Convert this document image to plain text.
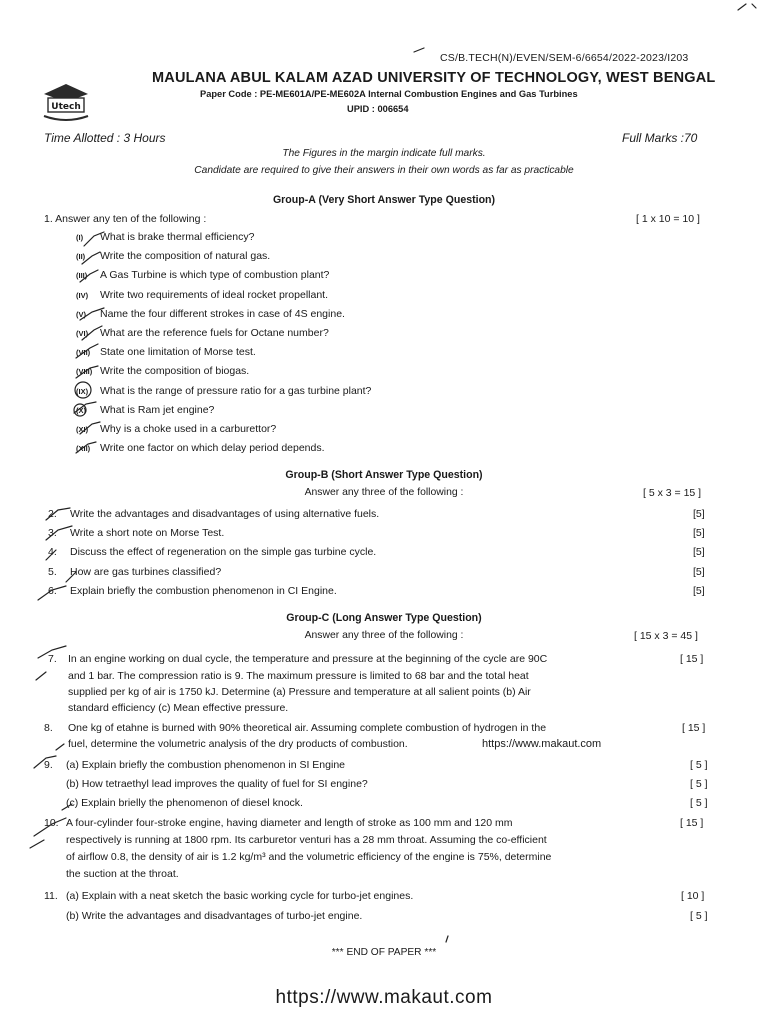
CS/B.TECH(N)/EVEN/SEM-6/6654/2022-2023/I203
Utech
MAULANA ABUL KALAM AZAD UNIVERSITY OF TECHNOLOGY, WEST BENGAL
Paper Code : PE-ME601A/PE-ME602A Internal Combustion Engines and Gas Turbines
UPID : 006654
Time Allotted : 3 Hours	Full Marks :70
The Figures in the margin indicate full marks.
Candidate are required to give their answers in their own words as far as practicable
Group-A (Very Short Answer Type Question)
1. Answer any ten of the following :	[ 1 x 10 = 10 ]
(I) What is brake thermal efficiency?
(II) Write the composition of natural gas.
(III) A Gas Turbine is which type of combustion plant?
(IV) Write two requirements of ideal rocket propellant.
(V) Name the four different strokes in case of 4S engine.
(VI) What are the reference fuels for Octane number?
(VII) State one limitation of Morse test.
(VIII) Write the composition of biogas.
(IX) What is the range of pressure ratio for a gas turbine plant?
(X) What is Ram jet engine?
(XI) Why is a choke used in a carburettor?
(XII) Write one factor on which delay period depends.
Group-B (Short Answer Type Question)
Answer any three of the following :	[ 5 x 3 = 15 ]
2. Write the advantages and disadvantages of using alternative fuels.	[5]
3. Write a short note on Morse Test.	[5]
4. Discuss the effect of regeneration on the simple gas turbine cycle.	[5]
5. How are gas turbines classified?	[5]
6. Explain briefly the combustion phenomenon in CI Engine.	[5]
Group-C (Long Answer Type Question)
Answer any three of the following :	[ 15 x 3 = 45 ]
7. In an engine working on dual cycle, the temperature and pressure at the beginning of the cycle are 90C
and 1 bar. The compression ratio is 9. The maximum pressure is limited to 68 bar and the total heat
supplied per kg of air is 1750 kJ. Determine (a) Pressure and temperature at all salient points (b) Air
standard efficiency (c) Mean effective pressure.
[ 15 ]
8. One kg of etahne is burned with 90% theoretical air. Assuming complete combustion of hydrogen in the
fuel, determine the volumetric analysis of the dry products of combustion.	https://www.makaut.com
[ 15 ]
9. (a) Explain briefly the combustion phenomenon in SI Engine	[ 5 ]
(b) How tetraethyl lead improves the quality of fuel for SI engine?	[ 5 ]
(c) Explain brielly the phenomenon of diesel knock.	[ 5 ]
10. A four-cylinder four-stroke engine, having diameter and length of stroke as 100 mm and 120 mm
respectively is running at 1800 rpm. Its carburetor venturi has a 28 mm throat. Assuming the co-efficient
of airflow 0.8, the density of air is 1.2 kg/m³ and the volumetric efficiency of the engine is 75%, determine
the suction at the throat.
[ 15 ]
11. (a) Explain with a neat sketch the basic working cycle for turbo-jet engines.	[ 10 ]
(b) Write the advantages and disadvantages of turbo-jet engine.	[ 5 ]
*** END OF PAPER ***
https://www.makaut.com
